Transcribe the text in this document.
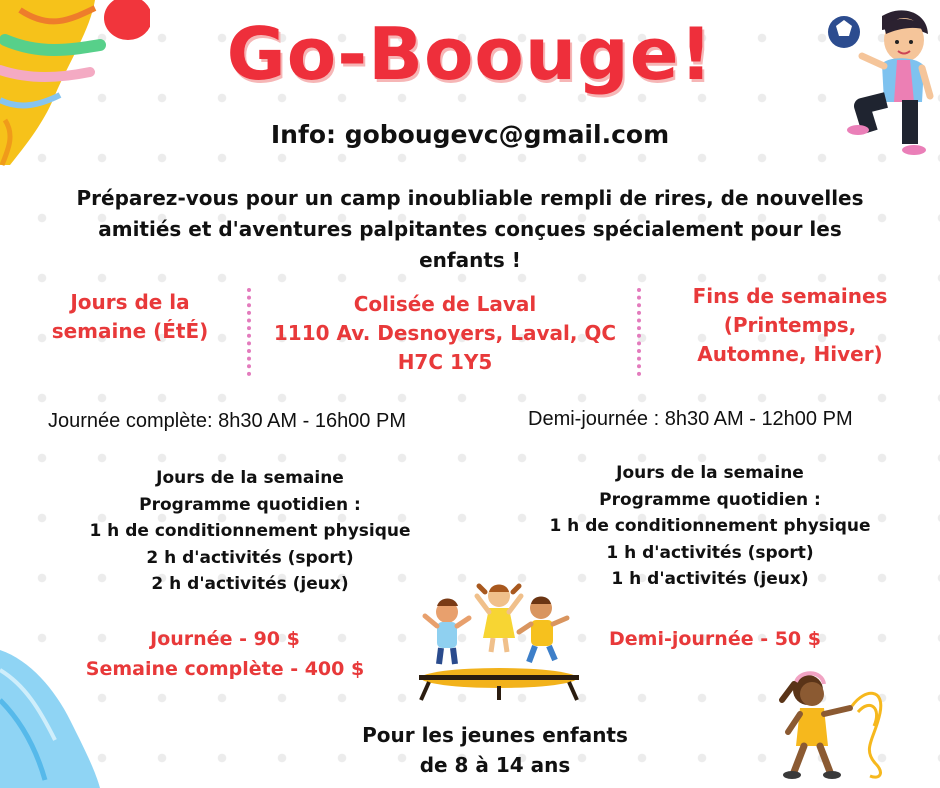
Go-Boouge!
Info: gobougevc@gmail.com
Préparez-vous pour un camp inoubliable rempli de rires, de nouvelles
amitiés et d'aventures palpitantes conçues spécialement pour les
enfants !
Jours de la
semaine (ÉtÉ)
Colisée de Laval
1110 Av. Desnoyers, Laval, QC
H7C 1Y5
Fins de semaines
(Printemps,
Automne, Hiver)
Journée complète: 8h30 AM - 16h00 PM	Demi-journée : 8h30 AM - 12h00 PM
Jours de la semaine
Programme quotidien :
1 h de conditionnement physique
2 h d'activités (sport)
2 h d'activités (jeux)
Jours de la semaine
Programme quotidien :
1 h de conditionnement physique
1 h d'activités (sport)
1 h d'activités (jeux)
Journée - 90 $
Semaine complète - 400 $
Demi-journée - 50 $
Pour les jeunes enfants
de 8 à 14 ans
